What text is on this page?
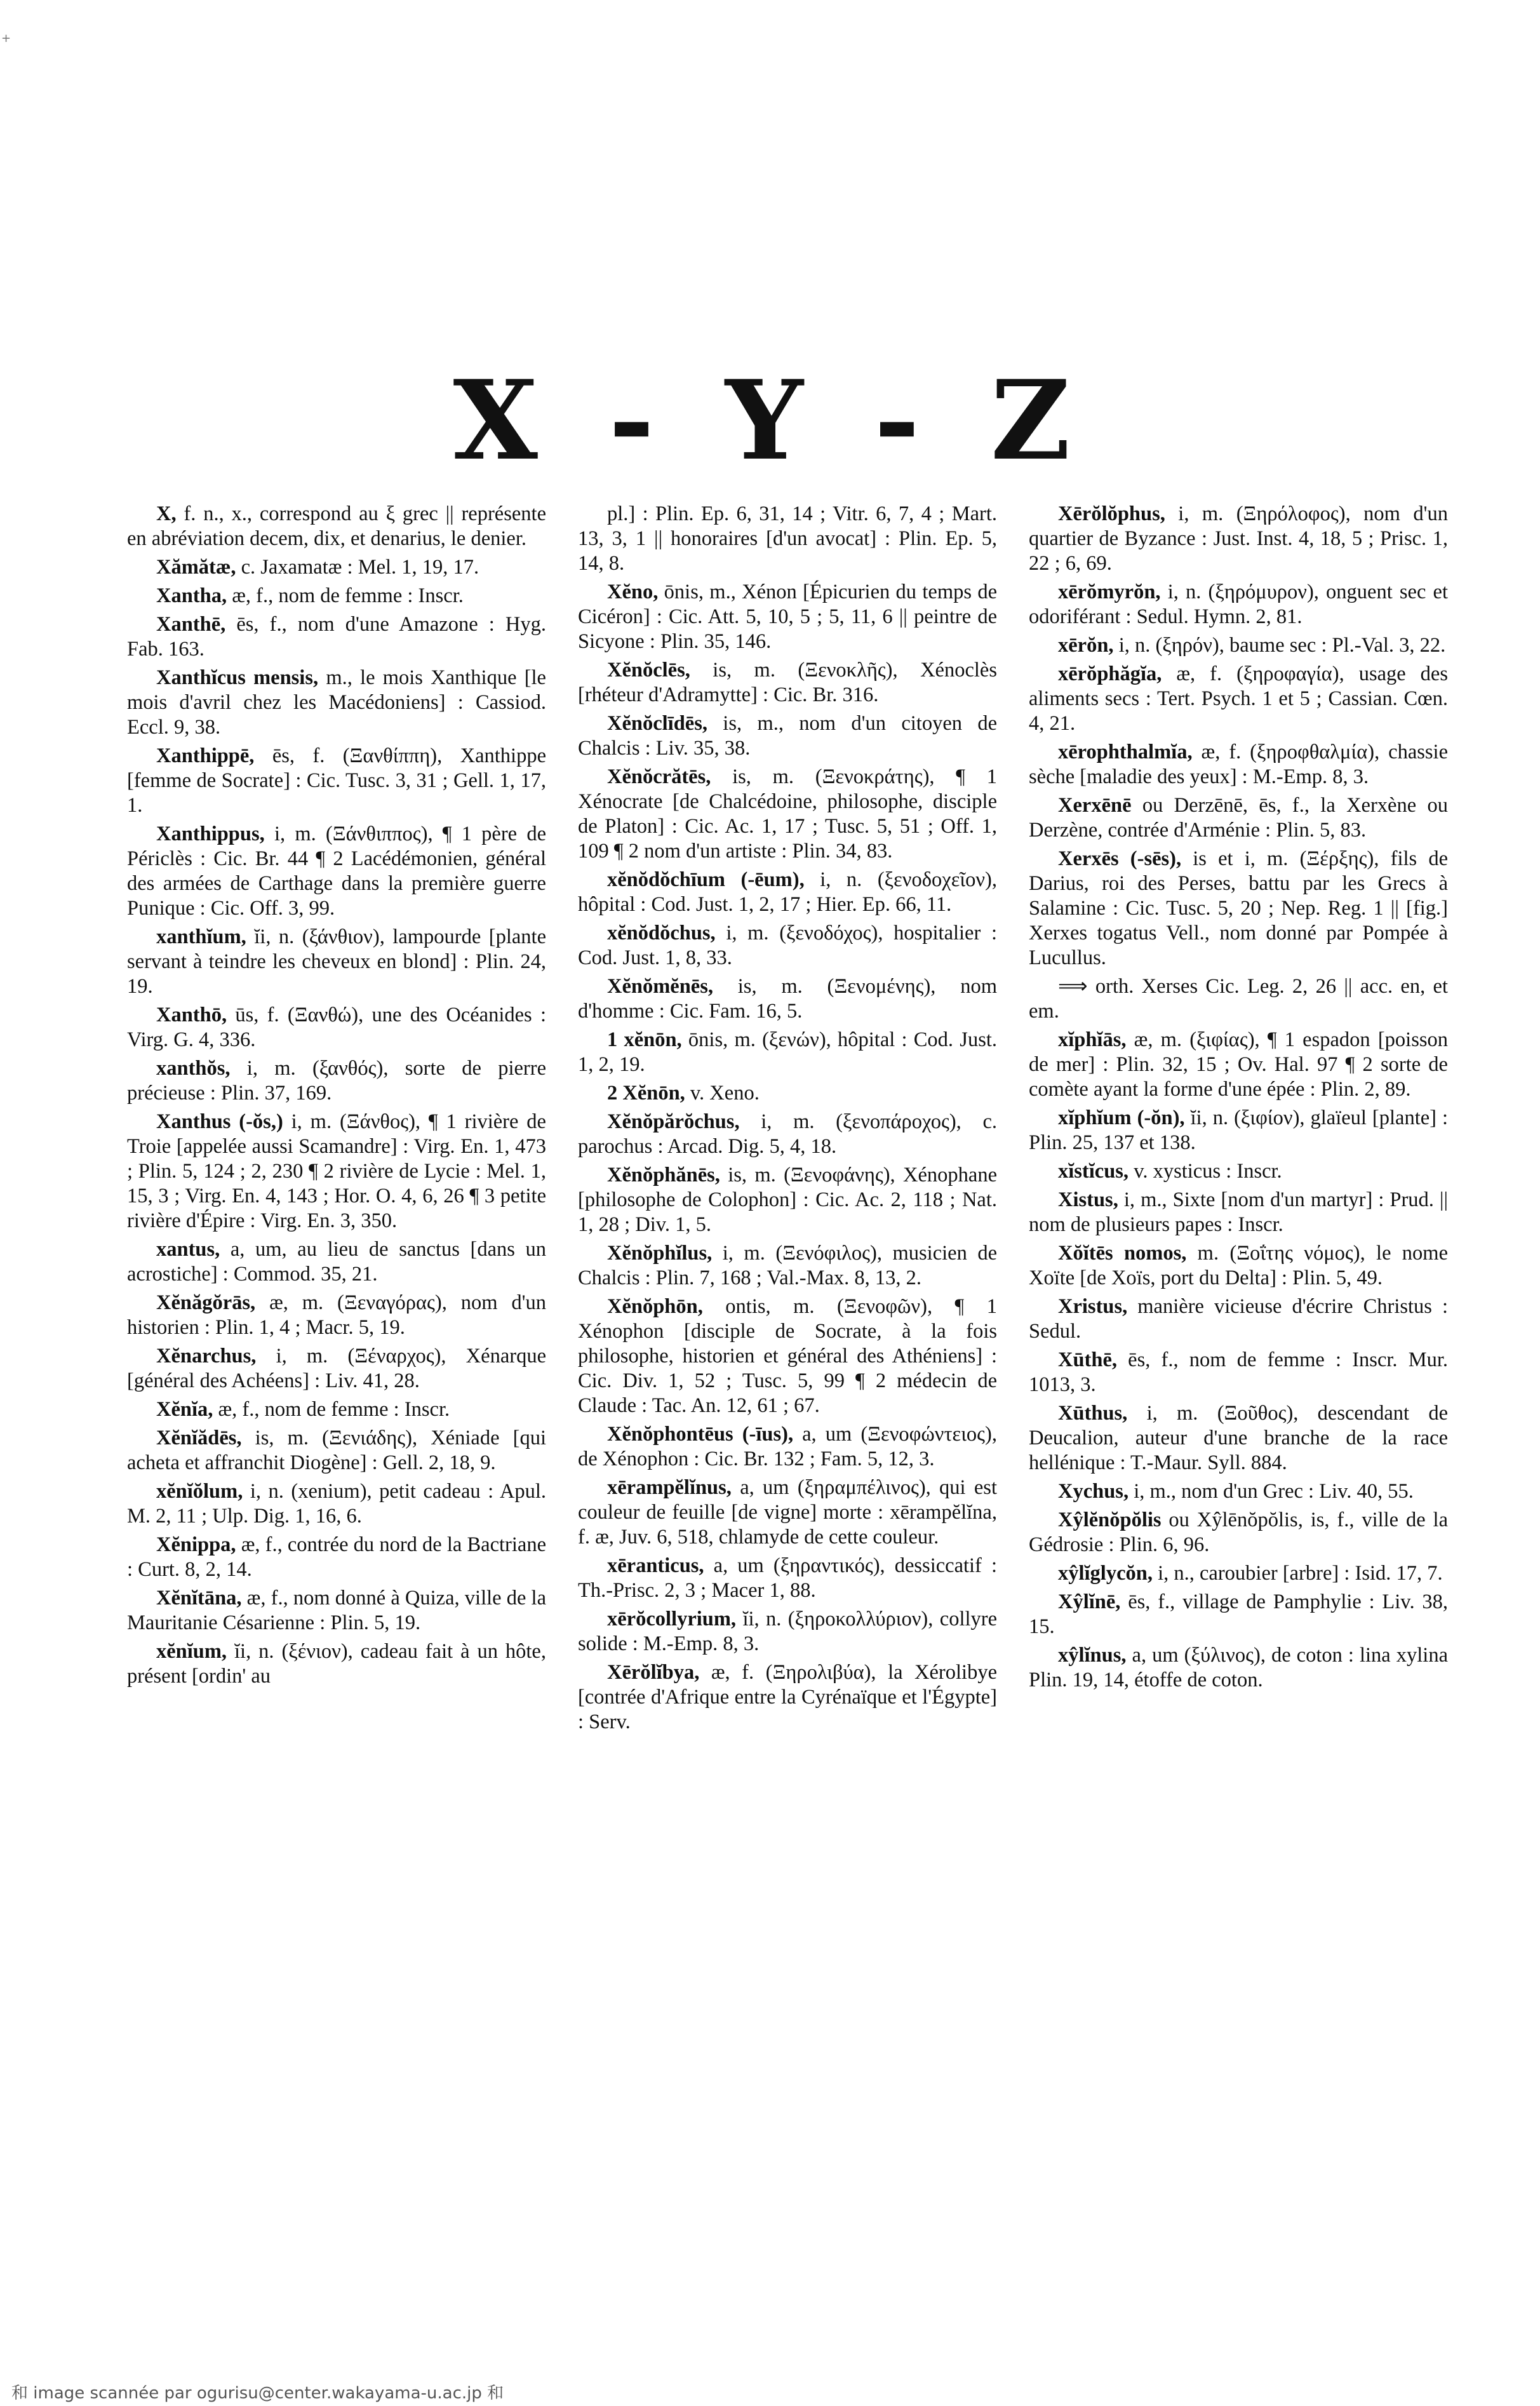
+
X - Y - Z

X, f. n., x., correspond au ξ grec || représente en abréviation decem, dix, et denarius, le denier.

Xămătæ, c. Jaxamatæ : Mel. 1, 19, 17.

Xantha, æ, f., nom de femme : Inscr.

Xanthē, ēs, f., nom d'une Amazone : Hyg. Fab. 163.

Xanthĭcus mensis, m., le mois Xanthique [le mois d'avril chez les Macédoniens] : Cassiod. Eccl. 9, 38.

Xanthippē, ēs, f. (Ξανθίππη), Xanthippe [femme de Socrate] : Cic. Tusc. 3, 31 ; Gell. 1, 17, 1.

Xanthippus, i, m. (Ξάνθιππος), ¶ 1 père de Périclès : Cic. Br. 44 ¶ 2 Lacédémonien, général des armées de Carthage dans la première guerre Punique : Cic. Off. 3, 99.

xanthĭum, ĭi, n. (ξάνθιον), lampourde [plante servant à teindre les cheveux en blond] : Plin. 24, 19.

Xanthō, ūs, f. (Ξανθώ), une des Océanides : Virg. G. 4, 336.

xanthŏs, i, m. (ξανθός), sorte de pierre précieuse : Plin. 37, 169.

Xanthus (-ŏs,) i, m. (Ξάνθος), ¶ 1 rivière de Troie [appelée aussi Scamandre] : Virg. En. 1, 473 ; Plin. 5, 124 ; 2, 230 ¶ 2 rivière de Lycie : Mel. 1, 15, 3 ; Virg. En. 4, 143 ; Hor. O. 4, 6, 26 ¶ 3 petite rivière d'Épire : Virg. En. 3, 350.

xantus, a, um, au lieu de sanctus [dans un acrostiche] : Commod. 35, 21.

Xĕnăgŏrās, æ, m. (Ξεναγόρας), nom d'un historien : Plin. 1, 4 ; Macr. 5, 19.

Xĕnarchus, i, m. (Ξέναρχος), Xénarque [général des Achéens] : Liv. 41, 28.

Xĕnĭa, æ, f., nom de femme : Inscr.

Xĕnĭădēs, is, m. (Ξενιάδης), Xéniade [qui acheta et affranchit Diogène] : Gell. 2, 18, 9.

xĕnĭŏlum, i, n. (xenium), petit cadeau : Apul. M. 2, 11 ; Ulp. Dig. 1, 16, 6.

Xĕnippa, æ, f., contrée du nord de la Bactriane : Curt. 8, 2, 14.

Xĕnĭtāna, æ, f., nom donné à Quiza, ville de la Mauritanie Césarienne : Plin. 5, 19.

xĕnĭum, ĭi, n. (ξένιον), cadeau fait à un hôte, présent [ordin' au

pl.] : Plin. Ep. 6, 31, 14 ; Vitr. 6, 7, 4 ; Mart. 13, 3, 1 || honoraires [d'un avocat] : Plin. Ep. 5, 14, 8.

Xĕno, ōnis, m., Xénon [Épicurien du temps de Cicéron] : Cic. Att. 5, 10, 5 ; 5, 11, 6 || peintre de Sicyone : Plin. 35, 146.

Xĕnŏclēs, is, m. (Ξενοκλῆς), Xénoclès [rhéteur d'Adramytte] : Cic. Br. 316.

Xĕnŏclīdēs, is, m., nom d'un citoyen de Chalcis : Liv. 35, 38.

Xĕnŏcrătēs, is, m. (Ξενοκράτης), ¶ 1 Xénocrate [de Chalcédoine, philosophe, disciple de Platon] : Cic. Ac. 1, 17 ; Tusc. 5, 51 ; Off. 1, 109 ¶ 2 nom d'un artiste : Plin. 34, 83.

xĕnŏdŏchīum (-ēum), i, n. (ξενοδοχεῖον), hôpital : Cod. Just. 1, 2, 17 ; Hier. Ep. 66, 11.

xĕnŏdŏchus, i, m. (ξενοδόχος), hospitalier : Cod. Just. 1, 8, 33.

Xĕnŏmĕnēs, is, m. (Ξενομένης), nom d'homme : Cic. Fam. 16, 5.

1 xĕnōn, ōnis, m. (ξενών), hôpital : Cod. Just. 1, 2, 19.

2 Xĕnōn, v. Xeno.

Xĕnŏpărŏchus, i, m. (ξενοπάροχος), c. parochus : Arcad. Dig. 5, 4, 18.

Xĕnŏphănēs, is, m. (Ξενοφάνης), Xénophane [philosophe de Colophon] : Cic. Ac. 2, 118 ; Nat. 1, 28 ; Div. 1, 5.

Xĕnŏphĭlus, i, m. (Ξενόφιλος), musicien de Chalcis : Plin. 7, 168 ; Val.-Max. 8, 13, 2.

Xĕnŏphōn, ontis, m. (Ξενοφῶν), ¶ 1 Xénophon [disciple de Socrate, à la fois philosophe, historien et général des Athéniens] : Cic. Div. 1, 52 ; Tusc. 5, 99 ¶ 2 médecin de Claude : Tac. An. 12, 61 ; 67.

Xĕnŏphontēus (-īus), a, um (Ξενοφώντειος), de Xénophon : Cic. Br. 132 ; Fam. 5, 12, 3.

xērampĕlĭnus, a, um (ξηραμπέλινος), qui est couleur de feuille [de vigne] morte : xērampĕlĭna, f. æ, Juv. 6, 518, chlamyde de cette couleur.

xēranticus, a, um (ξηραντικός), dessiccatif : Th.-Prisc. 2, 3 ; Macer 1, 88.

xērŏcollyrium, ĭi, n. (ξηροκολλύριον), collyre solide : M.-Emp. 8, 3.

Xērŏlĭbya, æ, f. (Ξηρολιβύα), la Xérolibye [contrée d'Afrique entre la Cyrénaïque et l'Égypte] : Serv.

Xērŏlŏphus, i, m. (Ξηρόλοφος), nom d'un quartier de Byzance : Just. Inst. 4, 18, 5 ; Prisc. 1, 22 ; 6, 69.

xērŏmyrŏn, i, n. (ξηρόμυρον), onguent sec et odoriférant : Sedul. Hymn. 2, 81.

xērŏn, i, n. (ξηρόν), baume sec : Pl.-Val. 3, 22.

xērŏphăgĭa, æ, f. (ξηροφαγία), usage des aliments secs : Tert. Psych. 1 et 5 ; Cassian. Cœn. 4, 21.

xērophthalmĭa, æ, f. (ξηροφθαλμία), chassie sèche [maladie des yeux] : M.-Emp. 8, 3.

Xerxēnē ou Derzēnē, ēs, f., la Xerxène ou Derzène, contrée d'Arménie : Plin. 5, 83.

Xerxēs (-sēs), is et i, m. (Ξέρξης), fils de Darius, roi des Perses, battu par les Grecs à Salamine : Cic. Tusc. 5, 20 ; Nep. Reg. 1 || [fig.] Xerxes togatus Vell., nom donné par Pompée à Lucullus.

⟹ orth. Xerses Cic. Leg. 2, 26 || acc. en, et em.

xĭphĭās, æ, m. (ξιφίας), ¶ 1 espadon [poisson de mer] : Plin. 32, 15 ; Ov. Hal. 97 ¶ 2 sorte de comète ayant la forme d'une épée : Plin. 2, 89.

xĭphĭum (-ŏn), ĭi, n. (ξιφίον), glaïeul [plante] : Plin. 25, 137 et 138.

xĭstĭcus, v. xysticus : Inscr.

Xistus, i, m., Sixte [nom d'un martyr] : Prud. || nom de plusieurs papes : Inscr.

Xŏĭtēs nomos, m. (Ξοΐτης νόμος), le nome Xoïte [de Xoïs, port du Delta] : Plin. 5, 49.

Xristus, manière vicieuse d'écrire Christus : Sedul.

Xūthē, ēs, f., nom de femme : Inscr. Mur. 1013, 3.

Xūthus, i, m. (Ξοῦθος), descendant de Deucalion, auteur d'une branche de la race hellénique : T.-Maur. Syll. 884.

Xychus, i, m., nom d'un Grec : Liv. 40, 55.

Xŷlĕnŏpŏlis ou Xŷlēnŏpŏlis, is, f., ville de la Gédrosie : Plin. 6, 96.

xŷlĭglycŏn, i, n., caroubier [arbre] : Isid. 17, 7.

Xŷlĭnē, ēs, f., village de Pamphylie : Liv. 38, 15.

xŷlĭnus, a, um (ξύλινος), de coton : lina xylina Plin. 19, 14, étoffe de coton.

和 image scannée par ogurisu@center.wakayama-u.ac.jp 和
